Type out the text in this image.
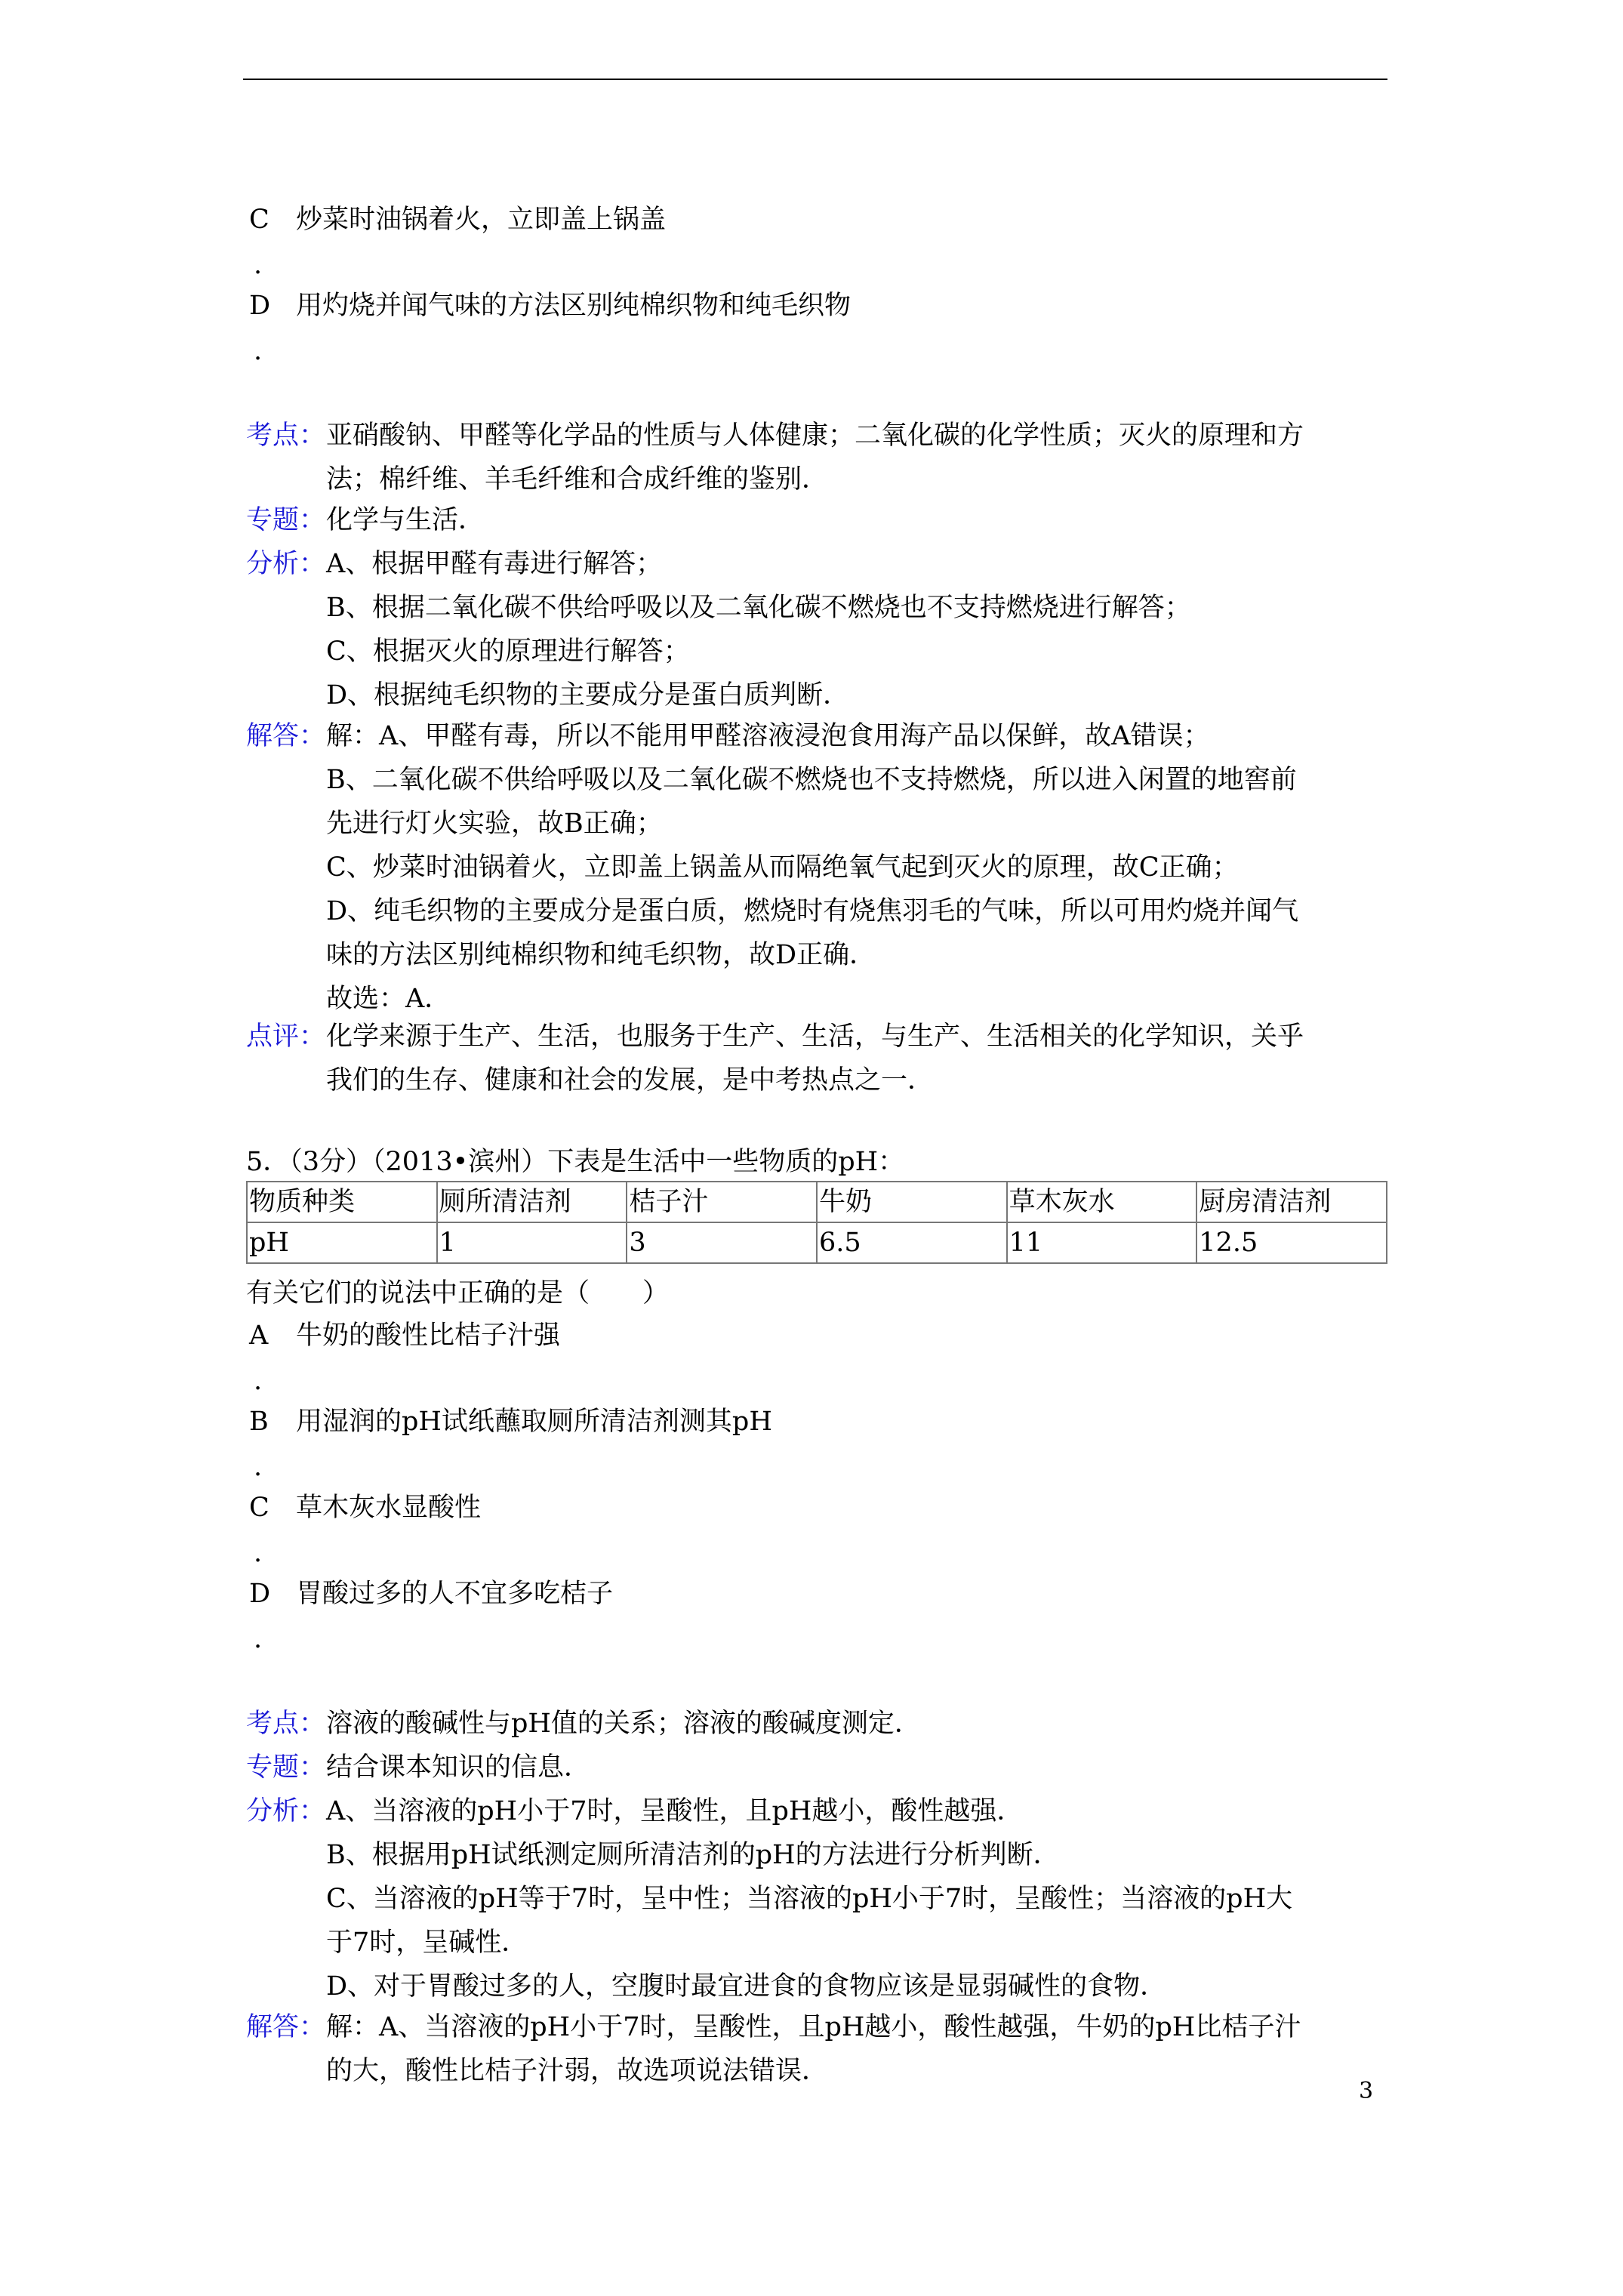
C 炒菜时油锅着火，立即盖上锅盖
.
D 用灼烧并闻气味的方法区别纯棉织物和纯毛织物
.
考点： 亚硝酸钠、甲醛等化学品的性质与人体健康；二氧化碳的化学性质；灭火的原理和方
法；棉纤维、羊毛纤维和合成纤维的鉴别．
专题： 化学与生活．
分析： A、根据甲醛有毒进行解答；
B、根据二氧化碳不供给呼吸以及二氧化碳不燃烧也不支持燃烧进行解答；
C、根据灭火的原理进行解答；
D、根据纯毛织物的主要成分是蛋白质判断．
解答： 解：A、甲醛有毒，所以不能用甲醛溶液浸泡食用海产品以保鲜，故A错误；
B、二氧化碳不供给呼吸以及二氧化碳不燃烧也不支持燃烧，所以进入闲置的地窖前
先进行灯火实验，故B正确；
C、炒菜时油锅着火，立即盖上锅盖从而隔绝氧气起到灭火的原理，故C正确；
D、纯毛织物的主要成分是蛋白质，燃烧时有烧焦羽毛的气味，所以可用灼烧并闻气
味的方法区别纯棉织物和纯毛织物，故D正确．
故选：A．
点评： 化学来源于生产、生活，也服务于生产、生活，与生产、生活相关的化学知识，关乎
我们的生存、健康和社会的发展，是中考热点之一．
5．（3分）（2013•滨州）下表是生活中一些物质的pH：
物质种类	厕所清洁剂	桔子汁	牛奶	草木灰水	厨房清洁剂
pH	1	3	6.5	11	12.5
有关它们的说法中正确的是（　　）
A 牛奶的酸性比桔子汁强
.
B 用湿润的pH试纸蘸取厕所清洁剂测其pH
.
C 草木灰水显酸性
.
D 胃酸过多的人不宜多吃桔子
.
考点： 溶液的酸碱性与pH值的关系；溶液的酸碱度测定．
专题： 结合课本知识的信息．
分析： A、当溶液的pH小于7时，呈酸性，且pH越小，酸性越强．
B、根据用pH试纸测定厕所清洁剂的pH的方法进行分析判断．
C、当溶液的pH等于7时，呈中性；当溶液的pH小于7时，呈酸性；当溶液的pH大
于7时，呈碱性．
D、对于胃酸过多的人，空腹时最宜进食的食物应该是显弱碱性的食物．
解答： 解：A、当溶液的pH小于7时，呈酸性，且pH越小，酸性越强，牛奶的pH比桔子汁
的大，酸性比桔子汁弱，故选项说法错误．
3
